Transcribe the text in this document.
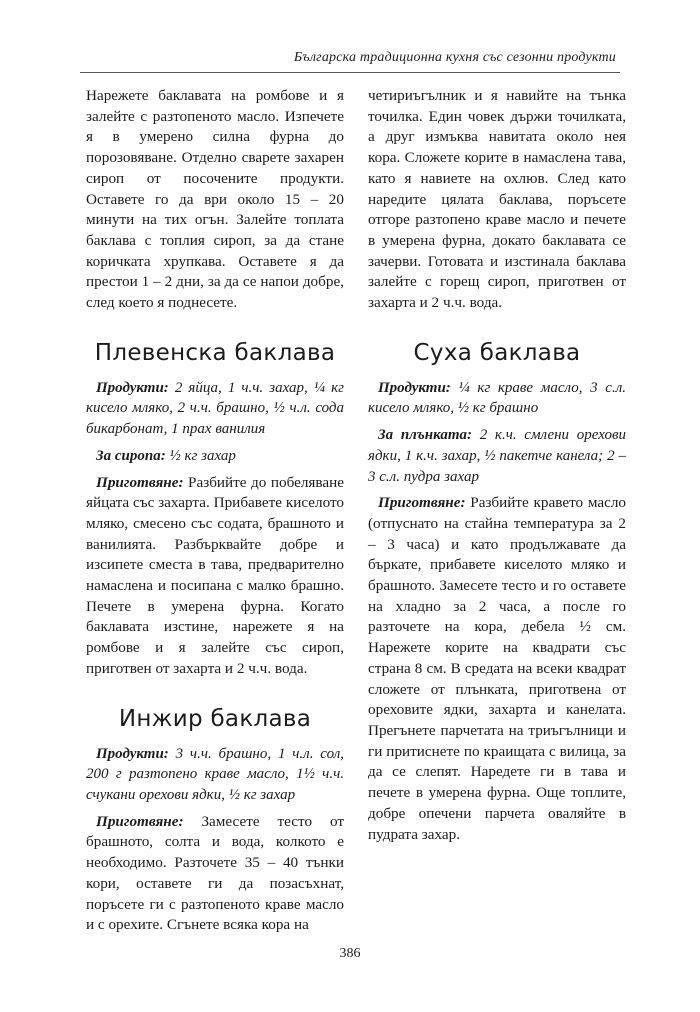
Българска традиционна кухня със сезонни продукти

Нарежете баклавата на ромбове и я залейте с разтопеното масло. Изпечете я в умерено силна фурна до порозовяване. Отделно сварете захарен сироп от посочените продукти. Оставете го да ври около 15 – 20 минути на тих огън. Залейте топлата баклава с топлия сироп, за да стане коричката хрупкава. Оставете я да престои 1 – 2 дни, за да се напои добре, след което я поднесете.

Плевенска баклава

Продукти: 2 яйца, 1 ч.ч. захар, ¼ кг кисело мляко, 2 ч.ч. брашно, ½ ч.л. сода бикарбонат, 1 прах ванилия

За сиропа: ½ кг захар

Приготвяне: Разбийте до побеляване яйцата със захарта. Прибавете киселото мляко, смесено със содата, брашното и ванилията. Разбърквайте добре и изсипете сместа в тава, предварително намаслена и посипана с малко брашно. Печете в умерена фурна. Когато баклавата изстине, нарежете я на ромбове и я залейте със сироп, приготвен от захарта и 2 ч.ч. вода.

Инжир баклава

Продукти: 3 ч.ч. брашно, 1 ч.л. сол, 200 г разтопено краве масло, 1½ ч.ч. счукани орехови ядки, ½ кг захар

Приготвяне: Замесете тесто от брашното, солта и вода, колкото е необходимо. Разточете 35 – 40 тънки кори, оставете ги да позасъхнат, поръсете ги с разтопеното краве масло и с орехите. Сгънете всяка кора на

четириъгълник и я навийте на тънка точилка. Един човек държи точилката, а друг измъква навитата около нея кора. Сложете корите в намаслена тава, като я навиете на охлюв. След като наредите цялата баклава, поръсете отгоре разтопено краве масло и печете в умерена фурна, докато баклавата се зачерви. Готовата и изстинала баклава залейте с горещ сироп, приготвен от захарта и 2 ч.ч. вода.

Суха баклава

Продукти: ¼ кг краве масло, 3 с.л. кисело мляко, ½ кг брашно

За плънката: 2 к.ч. смлени орехови ядки, 1 к.ч. захар, ½ пакетче канела; 2 – 3 с.л. пудра захар

Приготвяне: Разбийте кравето масло (отпуснато на стайна температура за 2 – 3 часа) и като продължавате да бъркате, прибавете киселото мляко и брашното. Замесете тесто и го оставете на хладно за 2 часа, а после го разточете на кора, дебела ½ см. Нарежете корите на квадрати със страна 8 см. В средата на всеки квадрат сложете от плънката, приготвена от ореховите ядки, захарта и канелата. Прегънете парчетата на триъгълници и ги притиснете по краищата с вилица, за да се слепят. Наредете ги в тава и печете в умерена фурна. Още топлите, добре опечени парчета оваляйте в пудрата захар.

386
